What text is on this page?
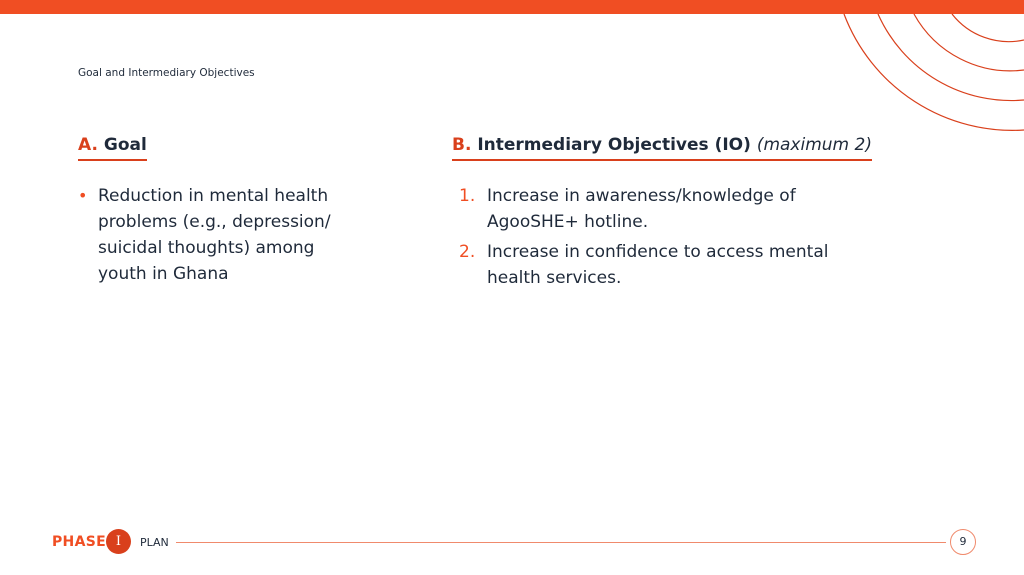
Goal and Intermediary Objectives
A. Goal
• Reduction in mental health problems (e.g., depression/ suicidal thoughts) among youth in Ghana
B. Intermediary Objectives (IO) (maximum 2)
1. Increase in awareness/knowledge of AgooSHE+ hotline.
2. Increase in confidence to access mental health services.
PHASE I	PLAN	9
